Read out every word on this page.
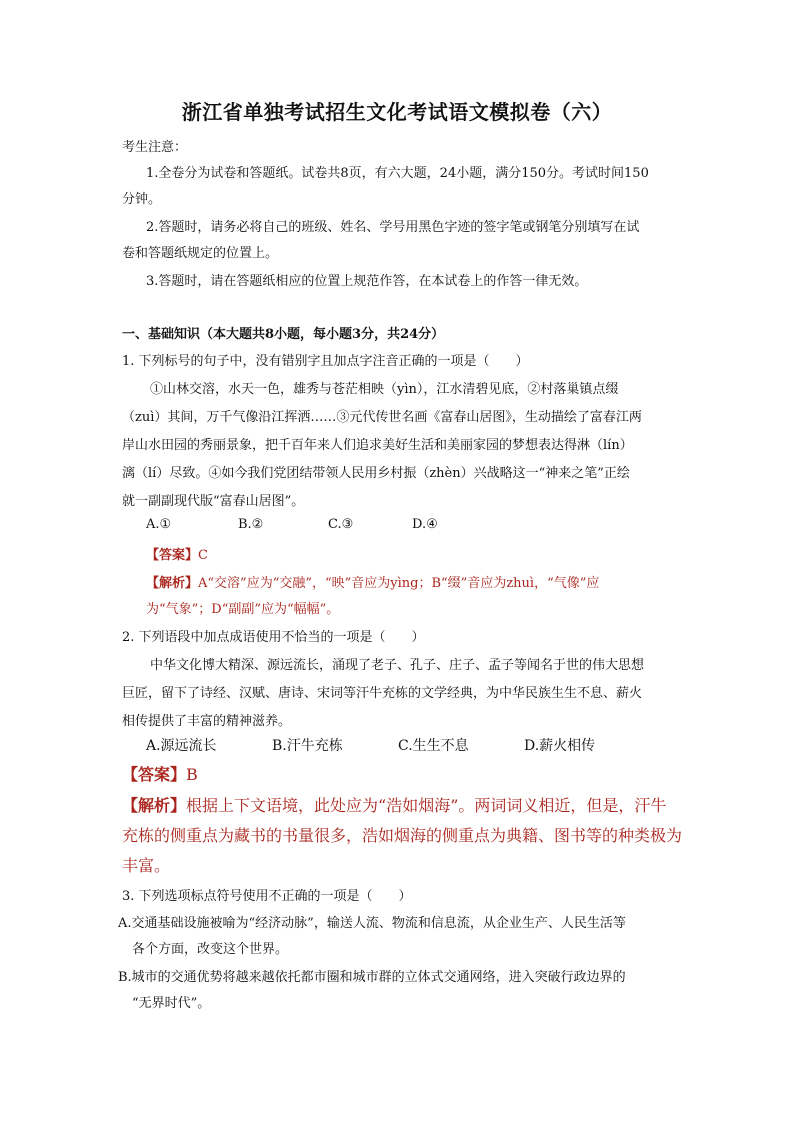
浙江省单独考试招生文化考试语文模拟卷（六）
考生注意：
1.全卷分为试卷和答题纸。试卷共8页，有六大题，24小题，满分150分。考试时间150
分钟。
2.答题时，请务必将自己的班级、姓名、学号用黑色字迹的签字笔或钢笔分别填写在试
卷和答题纸规定的位置上。
3.答题时，请在答题纸相应的位置上规范作答，在本试卷上的作答一律无效。
一、基础知识（本大题共8小题，每小题3分，共24分）
1. 下列标号的句子中，没有错别字且加点字注音正确的一项是（　　）
①山林交溶，水天一色，雄秀与苍茫相映（yìn），江水清碧见底，②村落巢镇点缀
（zuì）其间，万千气像沿江挥洒……③元代传世名画《富春山居图》，生动描绘了富春江两
岸山水田园的秀丽景象，把千百年来人们追求美好生活和美丽家园的梦想表达得淋（lín）
漓（lí）尽致。④如今我们党团结带领人民用乡村振（zhèn）兴战略这一“神来之笔”正绘
就一副副现代版“富春山居图”。
A.①	B.②	C.③	D.④
【答案】C
【解析】A“交溶”应为“交融”，“映”音应为yìng；B“缀”音应为zhuì，“气像”应
为“气象”；D“副副”应为“幅幅”。
2. 下列语段中加点成语使用不恰当的一项是（　　）
中华文化博大精深、源远流长，涌现了老子、孔子、庄子、孟子等闻名于世的伟大思想
巨匠，留下了诗经、汉赋、唐诗、宋词等汗牛充栋的文学经典，为中华民族生生不息、薪火
相传提供了丰富的精神滋养。
A.源远流长	B.汗牛充栋	C.生生不息	D.薪火相传
【答案】B
【解析】根据上下文语境，此处应为“浩如烟海”。两词词义相近，但是，汗牛
充栋的侧重点为藏书的书量很多，浩如烟海的侧重点为典籍、图书等的种类极为
丰富。
3. 下列选项标点符号使用不正确的一项是（　　）
A.交通基础设施被喻为“经济动脉”，输送人流、物流和信息流，从企业生产、人民生活等
各个方面，改变这个世界。
B.城市的交通优势将越来越依托都市圈和城市群的立体式交通网络，进入突破行政边界的
“无界时代”。
